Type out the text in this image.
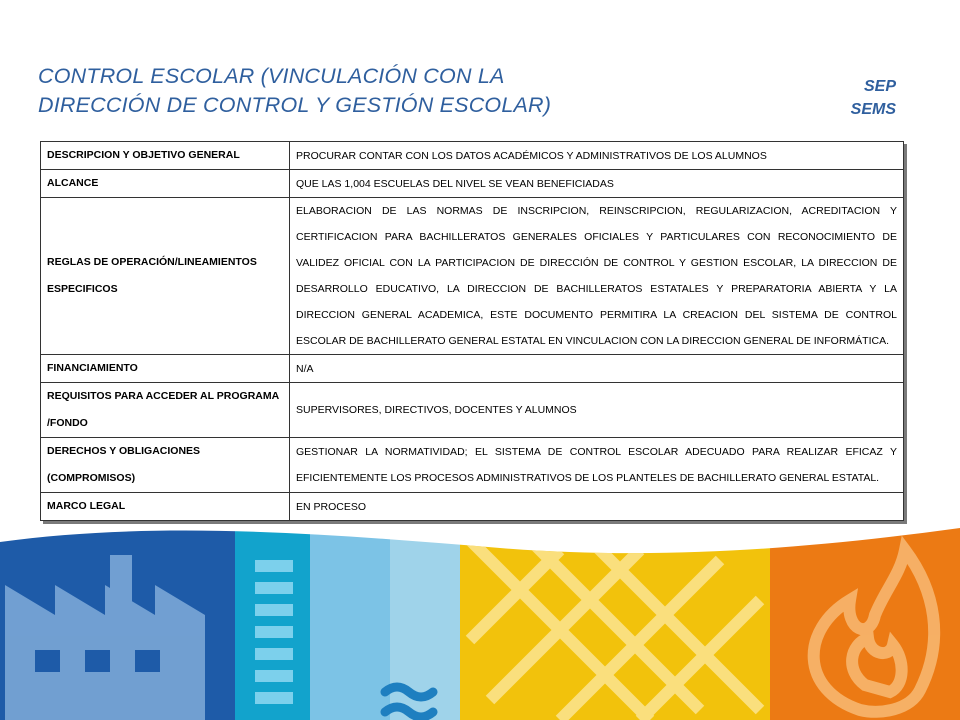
CONTROL ESCOLAR (VINCULACIÓN CON LA
DIRECCIÓN DE CONTROL Y GESTIÓN ESCOLAR)
SEP
SEMS
DESCRIPCION Y OBJETIVO GENERAL	PROCURAR CONTAR CON LOS DATOS ACADÉMICOS Y ADMINISTRATIVOS DE LOS ALUMNOS
ALCANCE	QUE LAS 1,004 ESCUELAS DEL NIVEL SE VEAN BENEFICIADAS
REGLAS DE OPERACIÓN/LINEAMIENTOS ESPECIFICOS	ELABORACION DE LAS NORMAS DE INSCRIPCION, REINSCRIPCION, REGULARIZACION, ACREDITACION Y CERTIFICACION PARA BACHILLERATOS GENERALES OFICIALES Y PARTICULARES CON RECONOCIMIENTO DE VALIDEZ OFICIAL CON LA PARTICIPACION DE DIRECCIÓN DE CONTROL Y GESTION ESCOLAR, LA DIRECCION DE DESARROLLO EDUCATIVO, LA DIRECCION DE BACHILLERATOS ESTATALES Y PREPARATORIA ABIERTA Y LA DIRECCION GENERAL ACADEMICA, ESTE DOCUMENTO PERMITIRA LA CREACION DEL SISTEMA DE CONTROL ESCOLAR DE BACHILLERATO GENERAL ESTATAL EN VINCULACION CON LA DIRECCION GENERAL DE INFORMÁTICA.
FINANCIAMIENTO	N/A
REQUISITOS PARA ACCEDER AL PROGRAMA /FONDO	SUPERVISORES, DIRECTIVOS, DOCENTES Y ALUMNOS
DERECHOS Y OBLIGACIONES (COMPROMISOS)	GESTIONAR LA NORMATIVIDAD; EL SISTEMA DE CONTROL ESCOLAR ADECUADO PARA REALIZAR EFICAZ Y EFICIENTEMENTE LOS PROCESOS ADMINISTRATIVOS DE LOS PLANTELES DE BACHILLERATO GENERAL ESTATAL.
MARCO LEGAL	EN PROCESO
